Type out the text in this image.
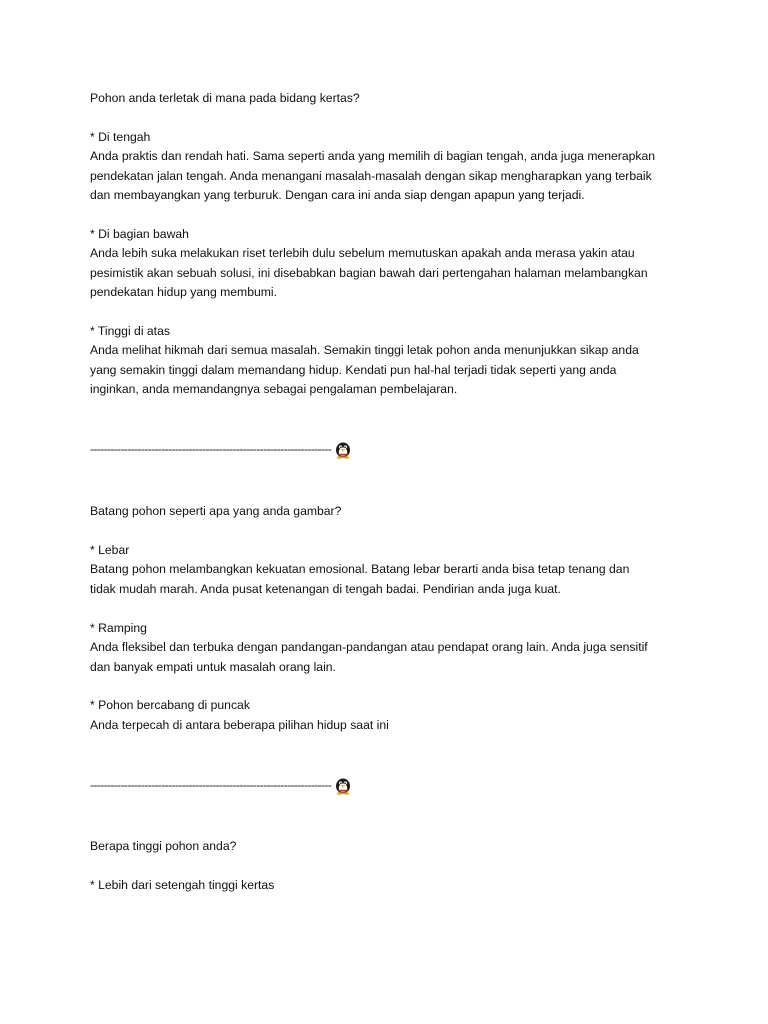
Pohon anda terletak di mana pada bidang kertas?
* Di tengah
Anda praktis dan rendah hati. Sama seperti anda yang memilih di bagian tengah, anda juga menerapkan
pendekatan jalan tengah. Anda menangani masalah-masalah dengan sikap mengharapkan yang terbaik
dan membayangkan yang terburuk. Dengan cara ini anda siap dengan apapun yang terjadi.
* Di bagian bawah
Anda lebih suka melakukan riset terlebih dulu sebelum memutuskan apakah anda merasa yakin atau
pesimistik akan sebuah solusi, ini disebabkan bagian bawah dari pertengahan halaman melambangkan
pendekatan hidup yang membumi.
* Tinggi di atas
Anda melihat hikmah dari semua masalah. Semakin tinggi letak pohon anda menunjukkan sikap anda
yang semakin tinggi dalam memandang hidup. Kendati pun hal-hal terjadi tidak seperti yang anda
inginkan, anda memandangnya sebagai pengalaman pembelajaran.
-----------------------------------------------------------------------
Batang pohon seperti apa yang anda gambar?
* Lebar
Batang pohon melambangkan kekuatan emosional. Batang lebar berarti anda bisa tetap tenang dan
tidak mudah marah. Anda pusat ketenangan di tengah badai. Pendirian anda juga kuat.
* Ramping
Anda fleksibel dan terbuka dengan pandangan-pandangan atau pendapat orang lain. Anda juga sensitif
dan banyak empati untuk masalah orang lain.
* Pohon bercabang di puncak
Anda terpecah di antara beberapa pilihan hidup saat ini
-----------------------------------------------------------------------
Berapa tinggi pohon anda?
* Lebih dari setengah tinggi kertas
